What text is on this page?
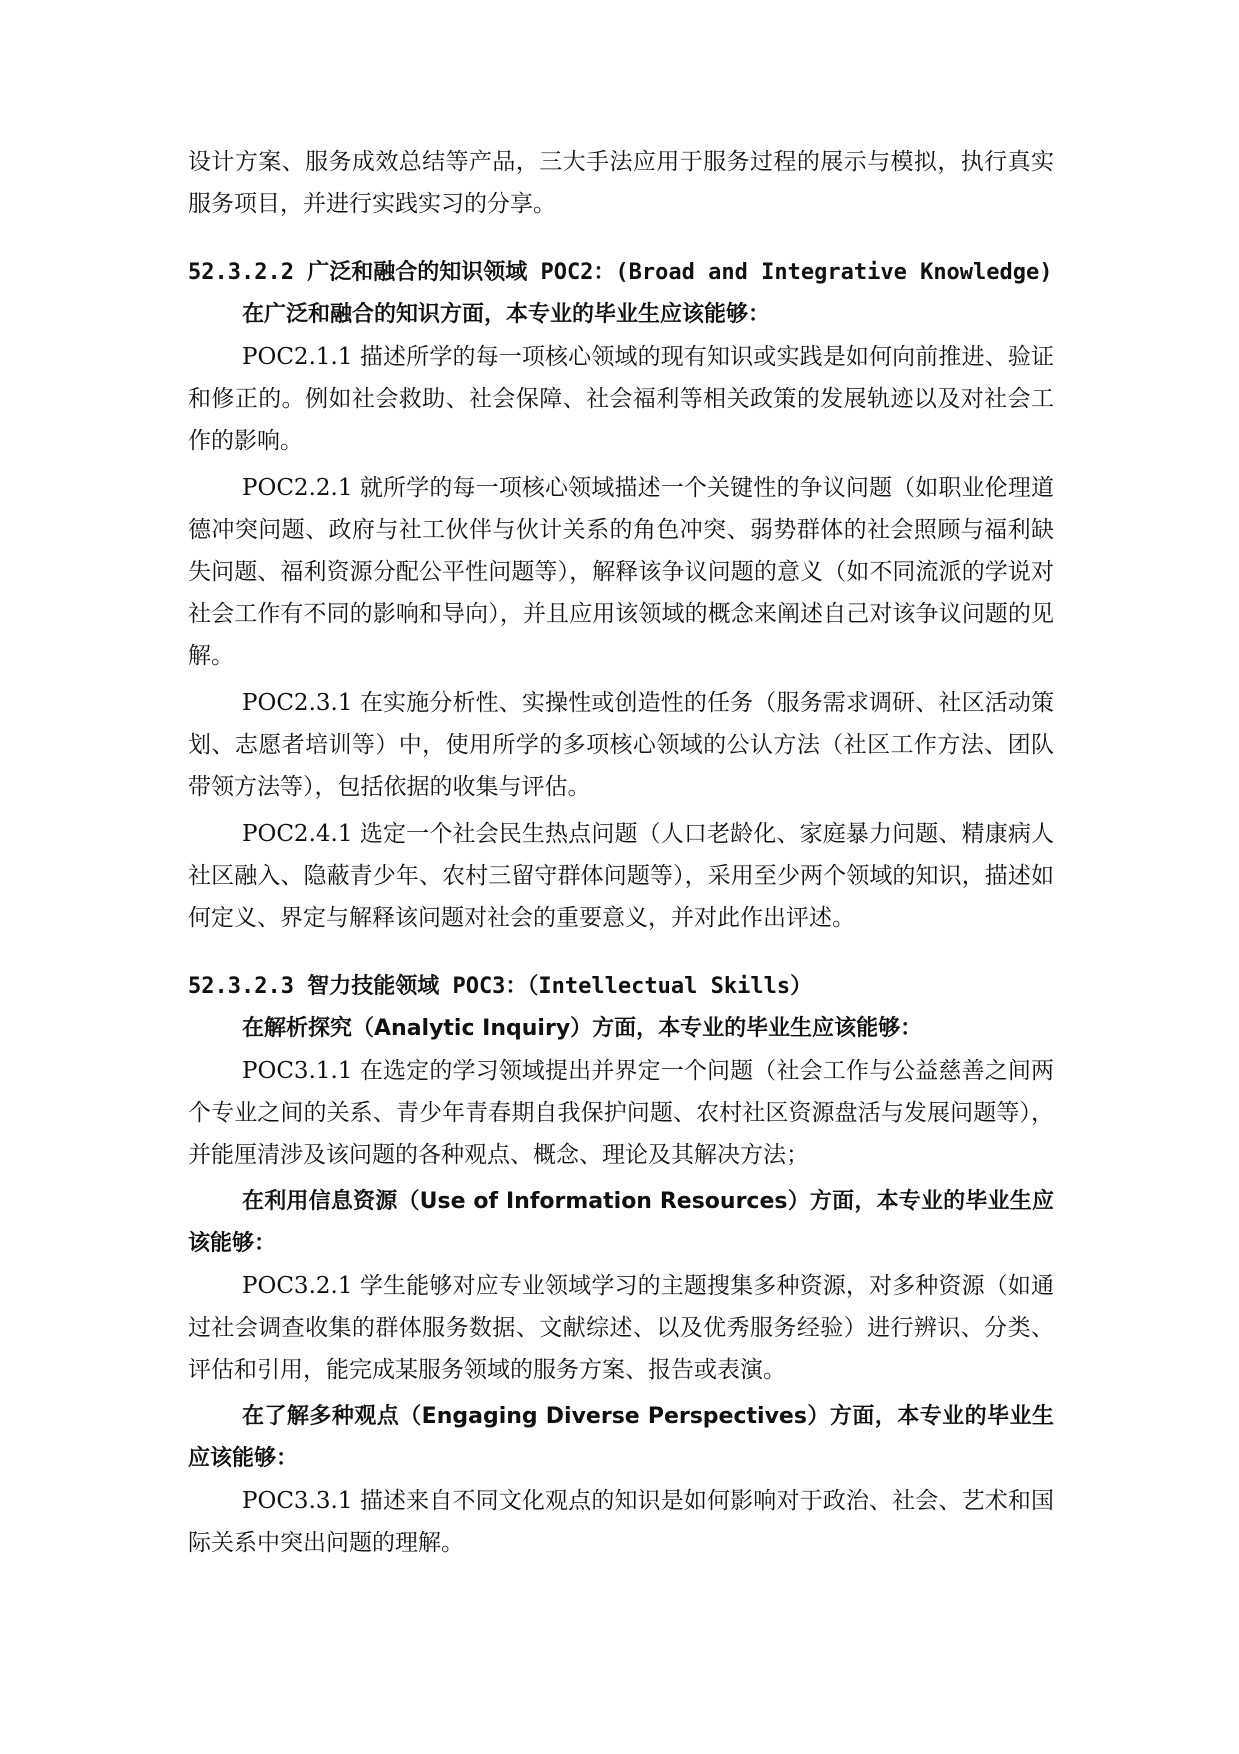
设计方案、服务成效总结等产品，三大手法应用于服务过程的展示与模拟，执行真实服务项目，并进行实践实习的分享。

52.3.2.2 广泛和融合的知识领域 POC2：(Broad and Integrative Knowledge)

在广泛和融合的知识方面，本专业的毕业生应该能够：

POC2.1.1 描述所学的每一项核心领域的现有知识或实践是如何向前推进、验证和修正的。例如社会救助、社会保障、社会福利等相关政策的发展轨迹以及对社会工作的影响。

POC2.2.1 就所学的每一项核心领域描述一个关键性的争议问题（如职业伦理道德冲突问题、政府与社工伙伴与伙计关系的角色冲突、弱势群体的社会照顾与福利缺失问题、福利资源分配公平性问题等），解释该争议问题的意义（如不同流派的学说对社会工作有不同的影响和导向），并且应用该领域的概念来阐述自己对该争议问题的见解。

POC2.3.1 在实施分析性、实操性或创造性的任务（服务需求调研、社区活动策划、志愿者培训等）中，使用所学的多项核心领域的公认方法（社区工作方法、团队带领方法等），包括依据的收集与评估。

POC2.4.1 选定一个社会民生热点问题（人口老龄化、家庭暴力问题、精康病人社区融入、隐蔽青少年、农村三留守群体问题等），采用至少两个领域的知识，描述如何定义、界定与解释该问题对社会的重要意义，并对此作出评述。

52.3.2.3 智力技能领域 POC3：（Intellectual Skills）

在解析探究（Analytic Inquiry）方面，本专业的毕业生应该能够：

POC3.1.1 在选定的学习领域提出并界定一个问题（社会工作与公益慈善之间两个专业之间的关系、青少年青春期自我保护问题、农村社区资源盘活与发展问题等），并能厘清涉及该问题的各种观点、概念、理论及其解决方法；

在利用信息资源（Use of Information Resources）方面，本专业的毕业生应该能够：

POC3.2.1 学生能够对应专业领域学习的主题搜集多种资源，对多种资源（如通过社会调查收集的群体服务数据、文献综述、以及优秀服务经验）进行辨识、分类、评估和引用，能完成某服务领域的服务方案、报告或表演。

在了解多种观点（Engaging Diverse Perspectives）方面，本专业的毕业生应该能够：

POC3.3.1 描述来自不同文化观点的知识是如何影响对于政治、社会、艺术和国际关系中突出问题的理解。
